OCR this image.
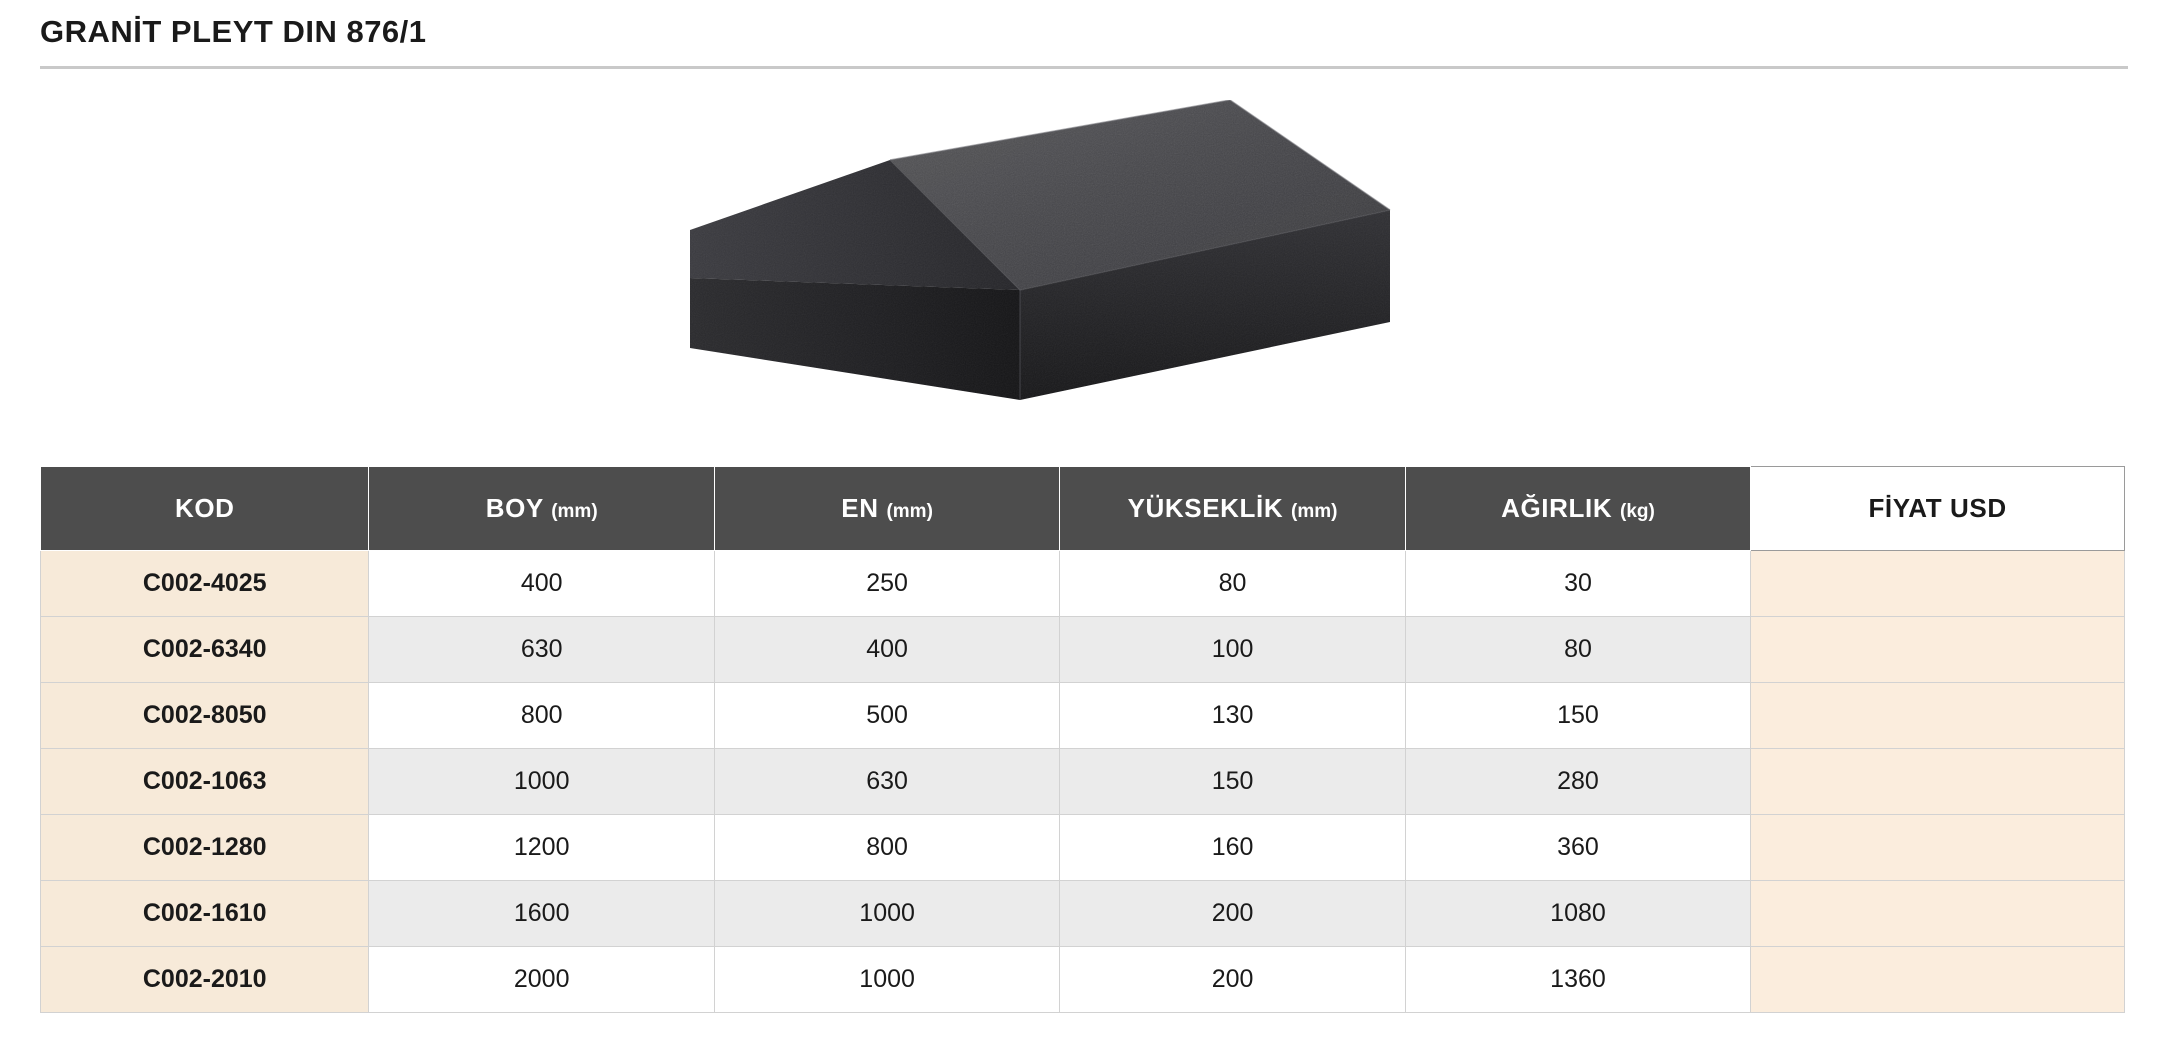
GRANİT PLEYT DIN 876/1
KOD	BOY (mm)	EN (mm)	YÜKSEKLİK (mm)	AĞIRLIK (kg)	FİYAT USD
C002-4025	400	250	80	30	
C002-6340	630	400	100	80	
C002-8050	800	500	130	150	
C002-1063	1000	630	150	280	
C002-1280	1200	800	160	360	
C002-1610	1600	1000	200	1080	
C002-2010	2000	1000	200	1360	
